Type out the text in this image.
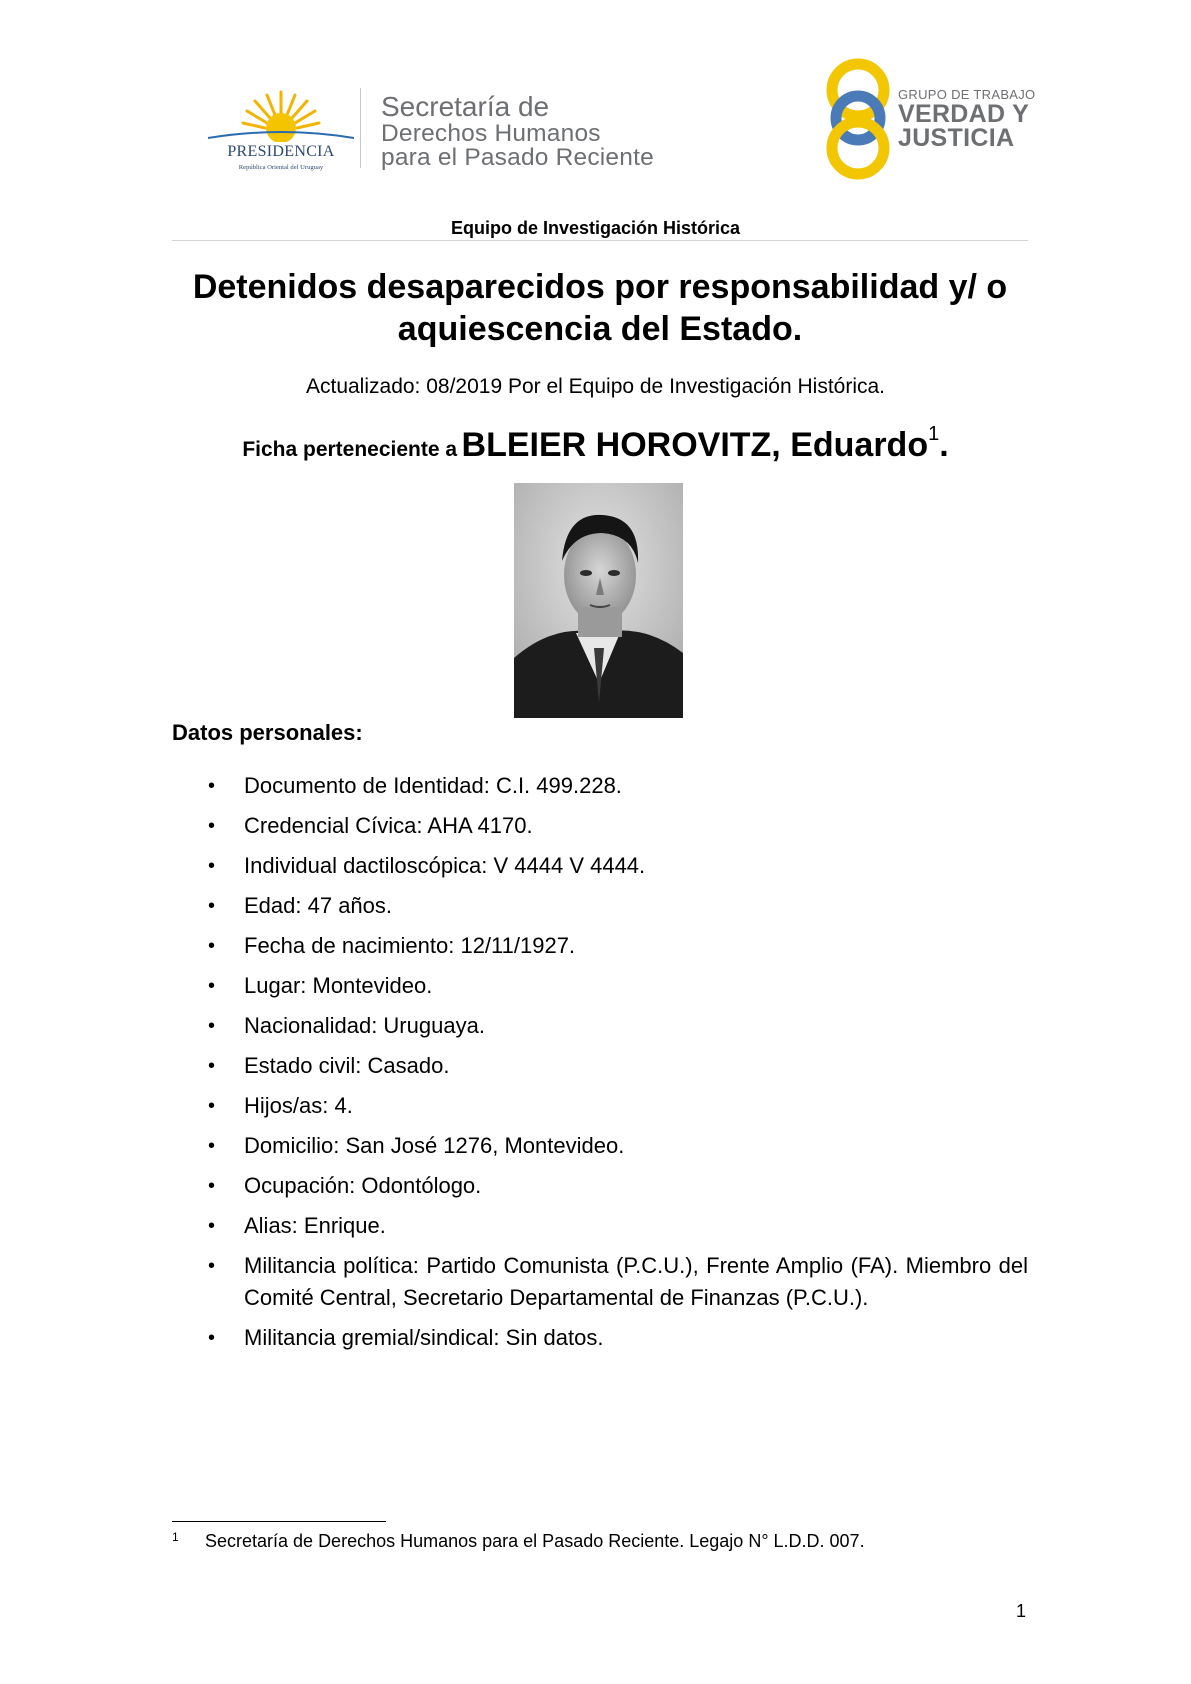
PRESIDENCIA
República Oriental del Uruguay
Secretaría de
Derechos Humanos
para el Pasado Reciente
GRUPO DE TRABAJO
VERDAD Y
JUSTICIA
Equipo de Investigación Histórica
Detenidos desaparecidos por responsabilidad y/ o aquiescencia del Estado.
Actualizado: 08/2019 Por el Equipo de Investigación Histórica.
Ficha perteneciente a BLEIER HOROVITZ, Eduardo$^1$.
Datos personales:
• Documento de Identidad: C.I. 499.228.
• Credencial Cívica: AHA 4170.
• Individual dactiloscópica: V 4444 V 4444.
• Edad: 47 años.
• Fecha de nacimiento: 12/11/1927.
• Lugar: Montevideo.
• Nacionalidad: Uruguaya.
• Estado civil: Casado.
• Hijos/as: 4.
• Domicilio: San José 1276, Montevideo.
• Ocupación: Odontólogo.
• Alias: Enrique.
• Militancia política: Partido Comunista (P.C.U.), Frente Amplio (FA). Miembro del Comité Central, Secretario Departamental de Finanzas (P.C.U.).
• Militancia gremial/sindical: Sin datos.
1 Secretaría de Derechos Humanos para el Pasado Reciente. Legajo N° L.D.D. 007.
1
